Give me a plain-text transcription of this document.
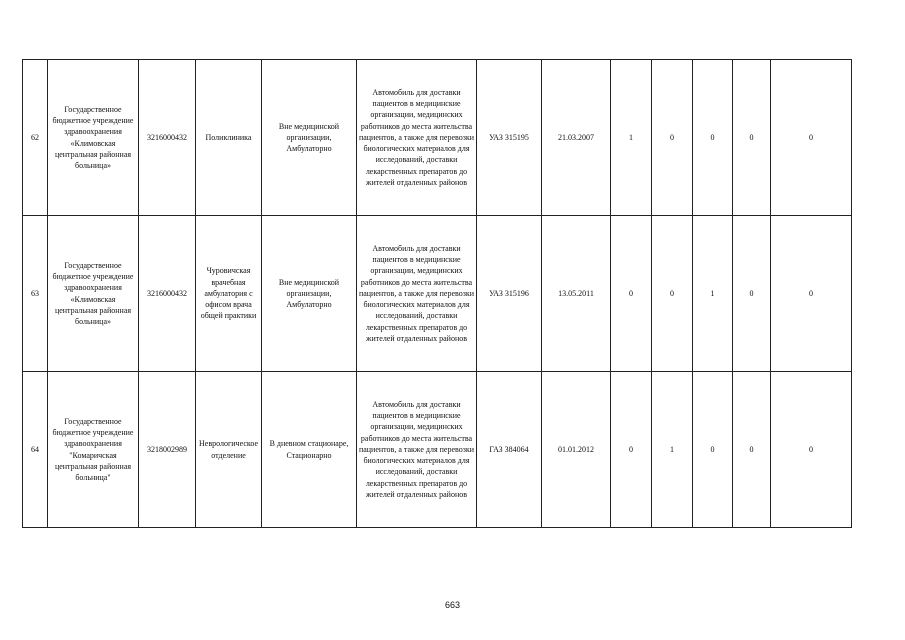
62	Государственное бюджетное учреждение здравоохранения «Климовская центральная районная больница»	3216000432	Поликлиника	Вне медицинской организации, Амбулаторно	Автомобиль для доставки пациентов в медицинские организации, медицинских работников до места жительства пациентов, а также для перевозки биологических материалов для исследований, доставки лекарственных препаратов до жителей отдаленных районов	УАЗ 315195	21.03.2007	1	0	0	0	0
63	Государственное бюджетное учреждение здравоохранения «Климовская центральная районная больница»	3216000432	Чуровичская врачебная амбулатория с офисом врача общей практики	Вне медицинской организации, Амбулаторно	Автомобиль для доставки пациентов в медицинские организации, медицинских работников до места жительства пациентов, а также для перевозки биологических материалов для исследований, доставки лекарственных препаратов до жителей отдаленных районов	УАЗ 315196	13.05.2011	0	0	1	0	0
64	Государственное бюджетное учреждение здравоохранения "Комаричская центральная районная больница"	3218002989	Неврологическое отделение	В дневном стационаре, Стационарно	Автомобиль для доставки пациентов в медицинские организации, медицинских работников до места жительства пациентов, а также для перевозки биологических материалов для исследований, доставки лекарственных препаратов до жителей отдаленных районов	ГАЗ 384064	01.01.2012	0	1	0	0	0
663
